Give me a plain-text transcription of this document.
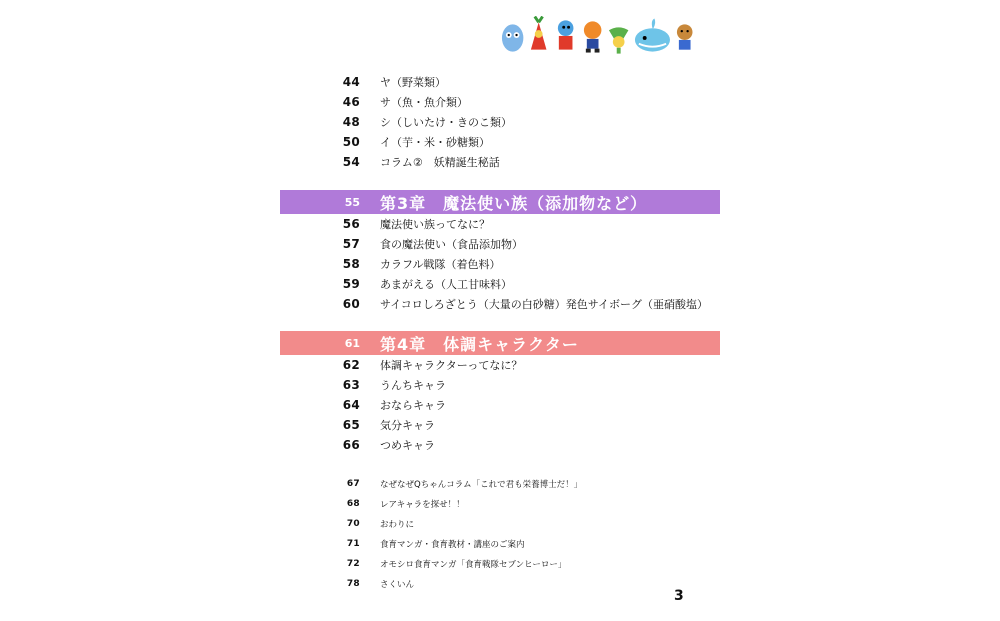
44	ヤ（野菜類）
46	サ（魚・魚介類）
48	シ（しいたけ・きのこ類）
50	イ（芋・米・砂糖類）
54	コラム②　妖精誕生秘話
55	第3章　魔法使い族（添加物など）
56	魔法使い族ってなに？
57	食の魔法使い（食品添加物）
58	カラフル戦隊（着色料）
59	あまがえる（人工甘味料）
60	サイコロしろざとう（大量の白砂糖）発色サイボーグ（亜硝酸塩）
61	第4章　体調キャラクター
62	体調キャラクターってなに？
63	うんちキャラ
64	おならキャラ
65	気分キャラ
66	つめキャラ
67	なぜなぜQちゃんコラム「これで君も栄養博士だ！」
68	レアキャラを探せ！！
70	おわりに
71	食育マンガ・食育教材・講座のご案内
72	オモシロ食育マンガ「食育戦隊セブンヒーロー」
78	さくいん
3
